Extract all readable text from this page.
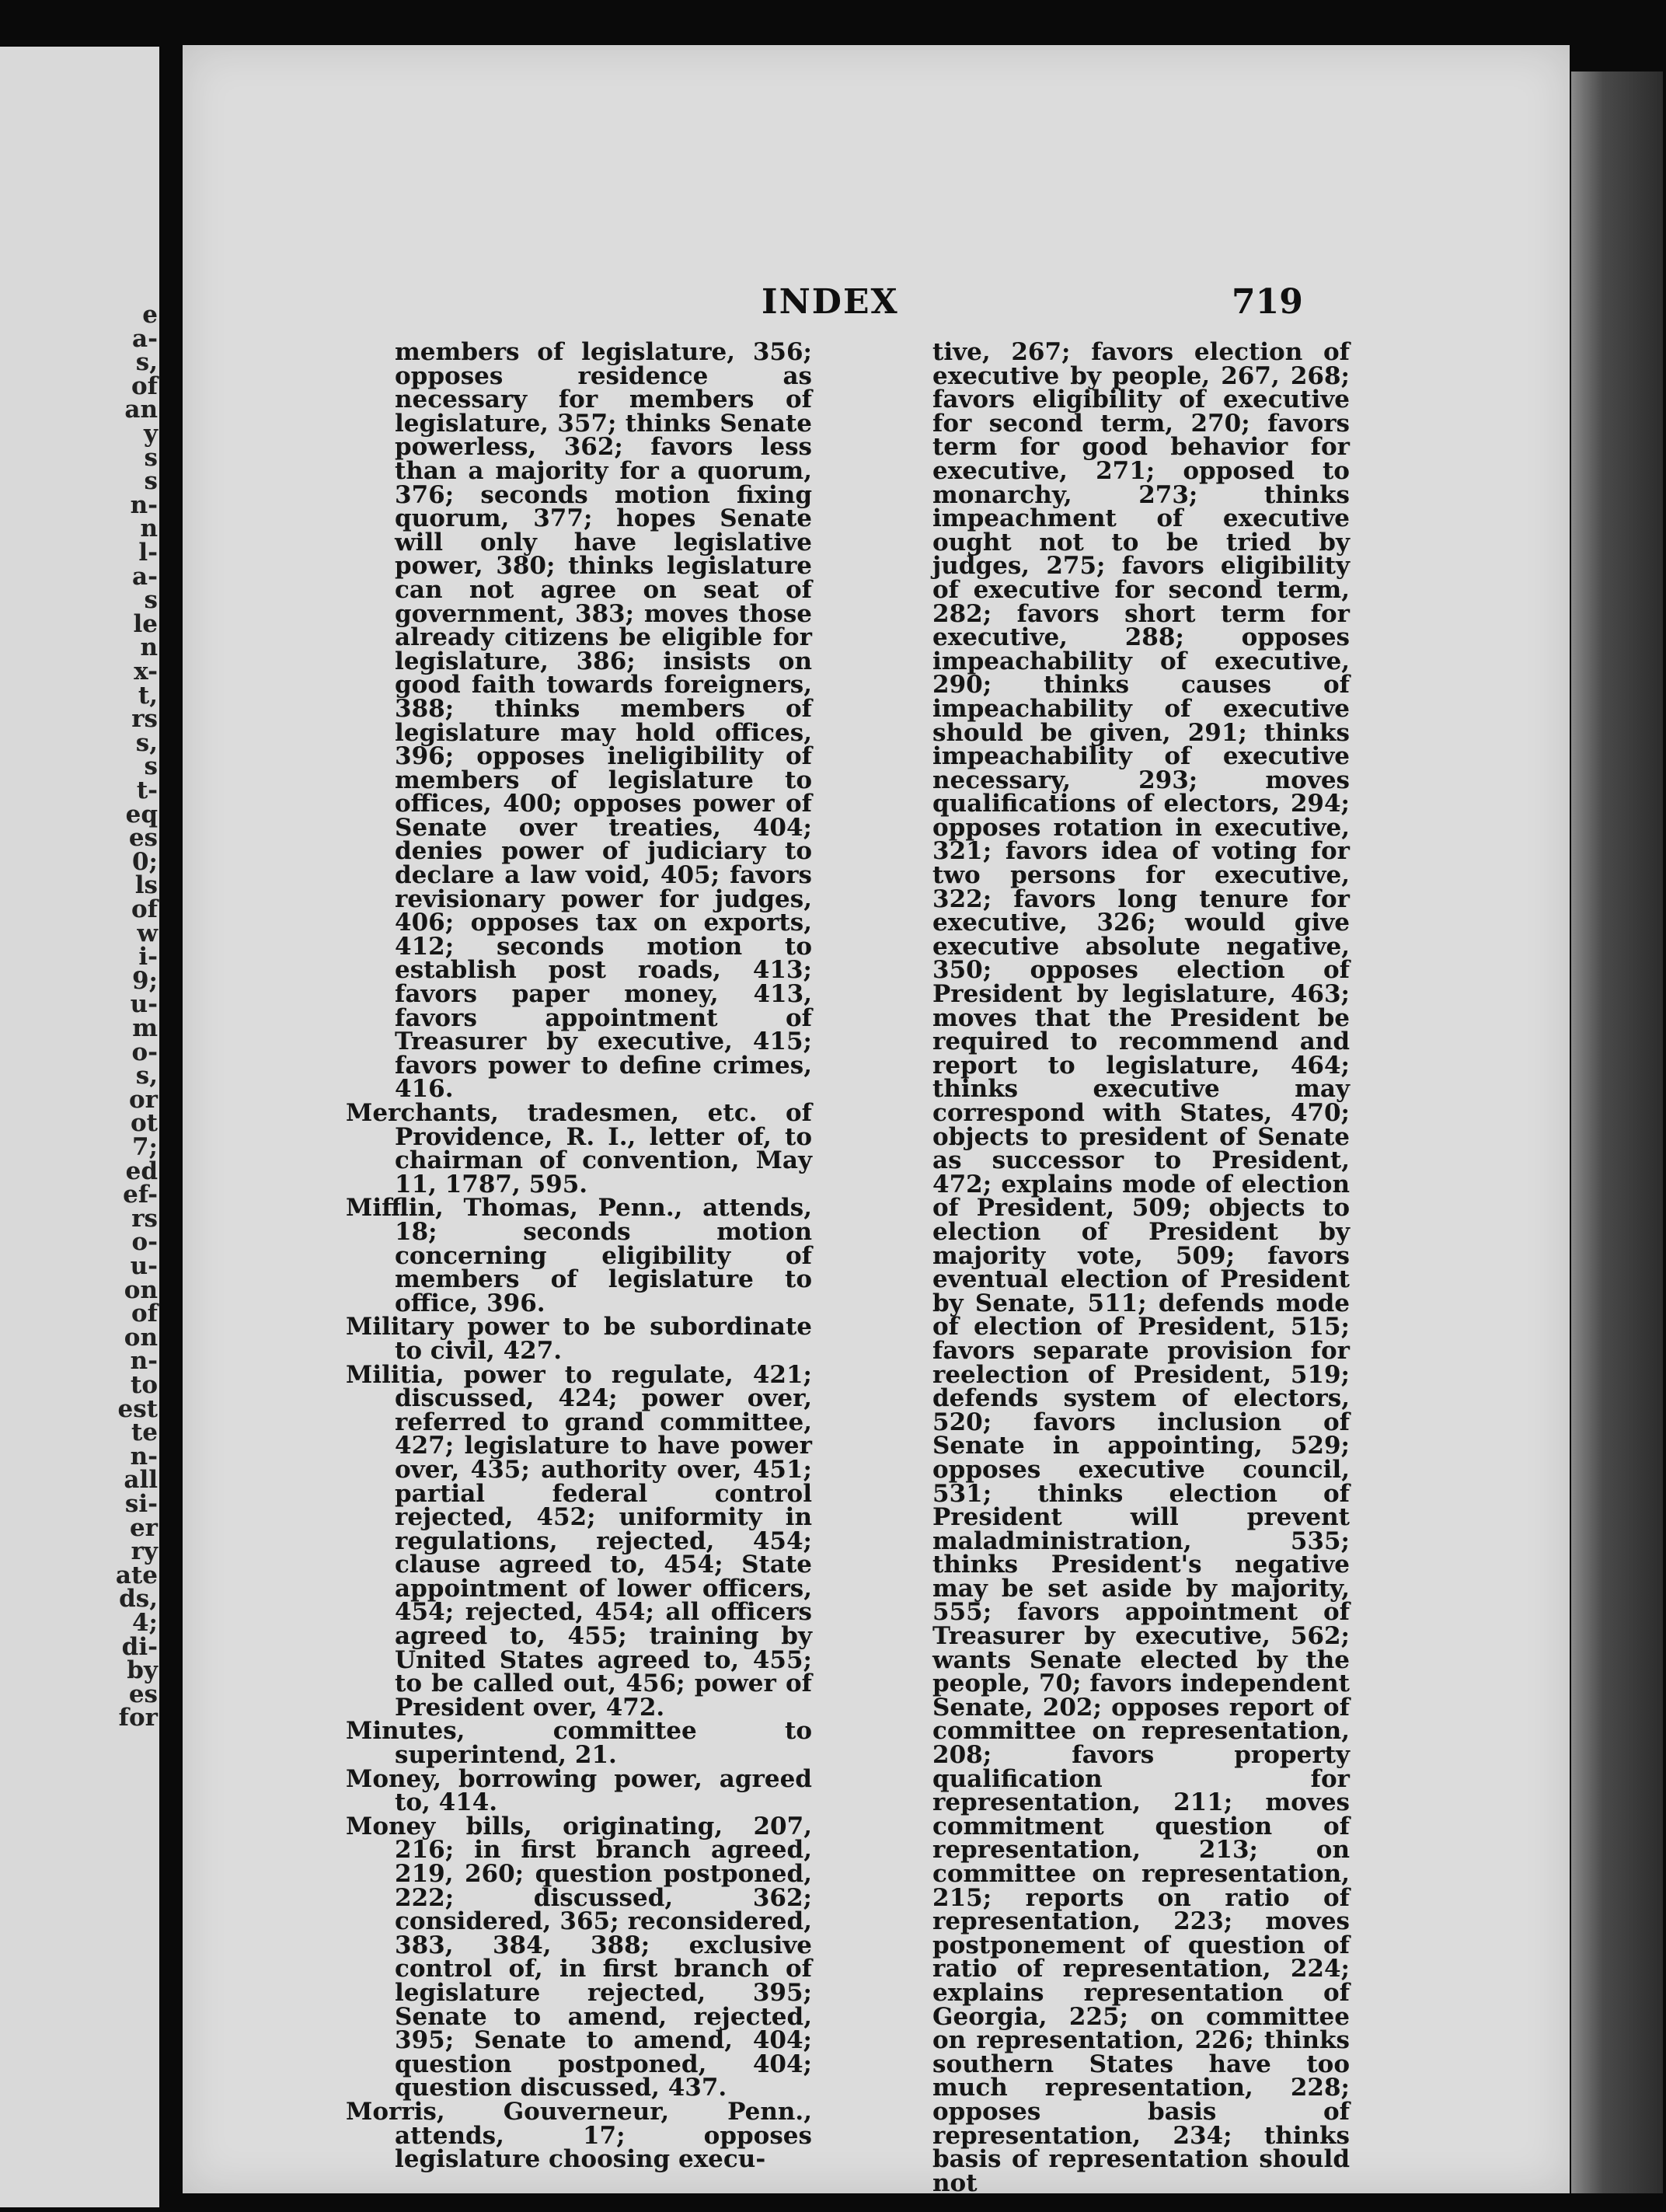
e
a-
s,
of
an
y
s
s
n-
n
l-
a-
s
le
n
x-
t,
rs
s,
s
t-
eq
es
0;
ls
of
w
i-
9;
u-
m
o-
s,
or
ot
7;
ed
ef-
rs
o-
u-
on
of
on
n-
to
est
te
n-
all
si-
er
ry
ate
ds,
4;
di-
by
es
for
INDEX	719

members of legislature, 356; opposes residence as necessary for members of legislature, 357; thinks Senate powerless, 362; favors less than a majority for a quorum, 376; seconds motion fixing quorum, 377; hopes Senate will only have legislative power, 380; thinks legislature can not agree on seat of government, 383; moves those already citizens be eligible for legislature, 386; insists on good faith towards foreigners, 388; thinks members of legislature may hold offices, 396; opposes ineligibility of members of legislature to offices, 400; opposes power of Senate over treaties, 404; denies power of judiciary to declare a law void, 405; favors revisionary power for judges, 406; opposes tax on exports, 412; seconds motion to establish post roads, 413; favors paper money, 413, favors appointment of Treasurer by executive, 415; favors power to define crimes, 416.

Merchants, tradesmen, etc. of Providence, R. I., letter of, to chairman of convention, May 11, 1787, 595.

Mifflin, Thomas, Penn., attends, 18; seconds motion concerning eligibility of members of legislature to office, 396.

Military power to be subordinate to civil, 427.

Militia, power to regulate, 421; discussed, 424; power over, referred to grand committee, 427; legislature to have power over, 435; authority over, 451; partial federal control rejected, 452; uniformity in regulations, rejected, 454; clause agreed to, 454; State appointment of lower officers, 454; rejected, 454; all officers agreed to, 455; training by United States agreed to, 455; to be called out, 456; power of President over, 472.

Minutes, committee to superintend, 21.

Money, borrowing power, agreed to, 414.

Money bills, originating, 207, 216; in first branch agreed, 219, 260; question postponed, 222; discussed, 362; considered, 365; reconsidered, 383, 384, 388; exclusive control of, in first branch of legislature rejected, 395; Senate to amend, rejected, 395; Senate to amend, 404; question postponed, 404; question discussed, 437.

Morris, Gouverneur, Penn., attends, 17; opposes legislature choosing execu-

tive, 267; favors election of executive by people, 267, 268; favors eligibility of executive for second term, 270; favors term for good behavior for executive, 271; opposed to monarchy, 273; thinks impeachment of executive ought not to be tried by judges, 275; favors eligibility of executive for second term, 282; favors short term for executive, 288; opposes impeachability of executive, 290; thinks causes of impeachability of executive should be given, 291; thinks impeachability of executive necessary, 293; moves qualifications of electors, 294; opposes rotation in executive, 321; favors idea of voting for two persons for executive, 322; favors long tenure for executive, 326; would give executive absolute negative, 350; opposes election of President by legislature, 463; moves that the President be required to recommend and report to legislature, 464; thinks executive may correspond with States, 470; objects to president of Senate as successor to President, 472; explains mode of election of President, 509; objects to election of President by majority vote, 509; favors eventual election of President by Senate, 511; defends mode of election of President, 515; favors separate provision for reelection of President, 519; defends system of electors, 520; favors inclusion of Senate in appointing, 529; opposes executive council, 531; thinks election of President will prevent maladministration, 535; thinks President's negative may be set aside by majority, 555; favors appointment of Treasurer by executive, 562; wants Senate elected by the people, 70; favors independent Senate, 202; opposes report of committee on representation, 208; favors property qualification for representation, 211; moves commitment question of representation, 213; on committee on representation, 215; reports on ratio of representation, 223; moves postponement of question of ratio of representation, 224; explains representation of Georgia, 225; on committee on representation, 226; thinks southern States have too much representation, 228; opposes basis of representation, 234; thinks basis of representation should not
